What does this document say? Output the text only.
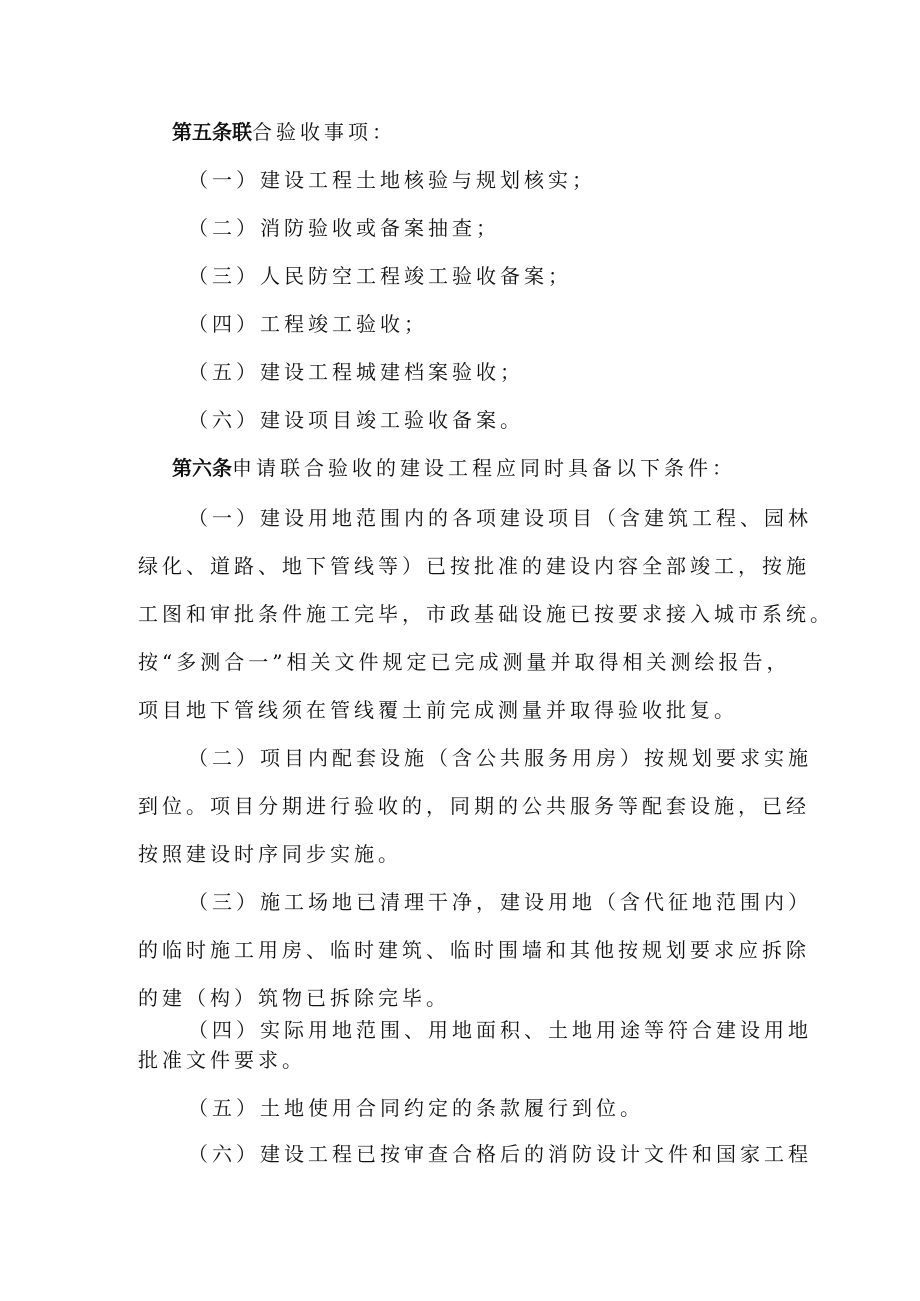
第五条联合验收事项：
（一）建设工程土地核验与规划核实；
（二）消防验收或备案抽查；
（三）人民防空工程竣工验收备案；
（四）工程竣工验收；
（五）建设工程城建档案验收；
（六）建设项目竣工验收备案。
第六条申请联合验收的建设工程应同时具备以下条件：
（一）建设用地范围内的各项建设项目（含建筑工程、园林
绿化、道路、地下管线等）已按批准的建设内容全部竣工，按施
工图和审批条件施工完毕，市政基础设施已按要求接入城市系统。
按“多测合一”相关文件规定已完成测量并取得相关测绘报告，
项目地下管线须在管线覆土前完成测量并取得验收批复。
（二）项目内配套设施（含公共服务用房）按规划要求实施
到位。项目分期进行验收的，同期的公共服务等配套设施，已经
按照建设时序同步实施。
（三）施工场地已清理干净，建设用地（含代征地范围内）
的临时施工用房、临时建筑、临时围墙和其他按规划要求应拆除
的建（构）筑物已拆除完毕。
（四）实际用地范围、用地面积、土地用途等符合建设用地
批准文件要求。
（五）土地使用合同约定的条款履行到位。
（六）建设工程已按审查合格后的消防设计文件和国家工程
